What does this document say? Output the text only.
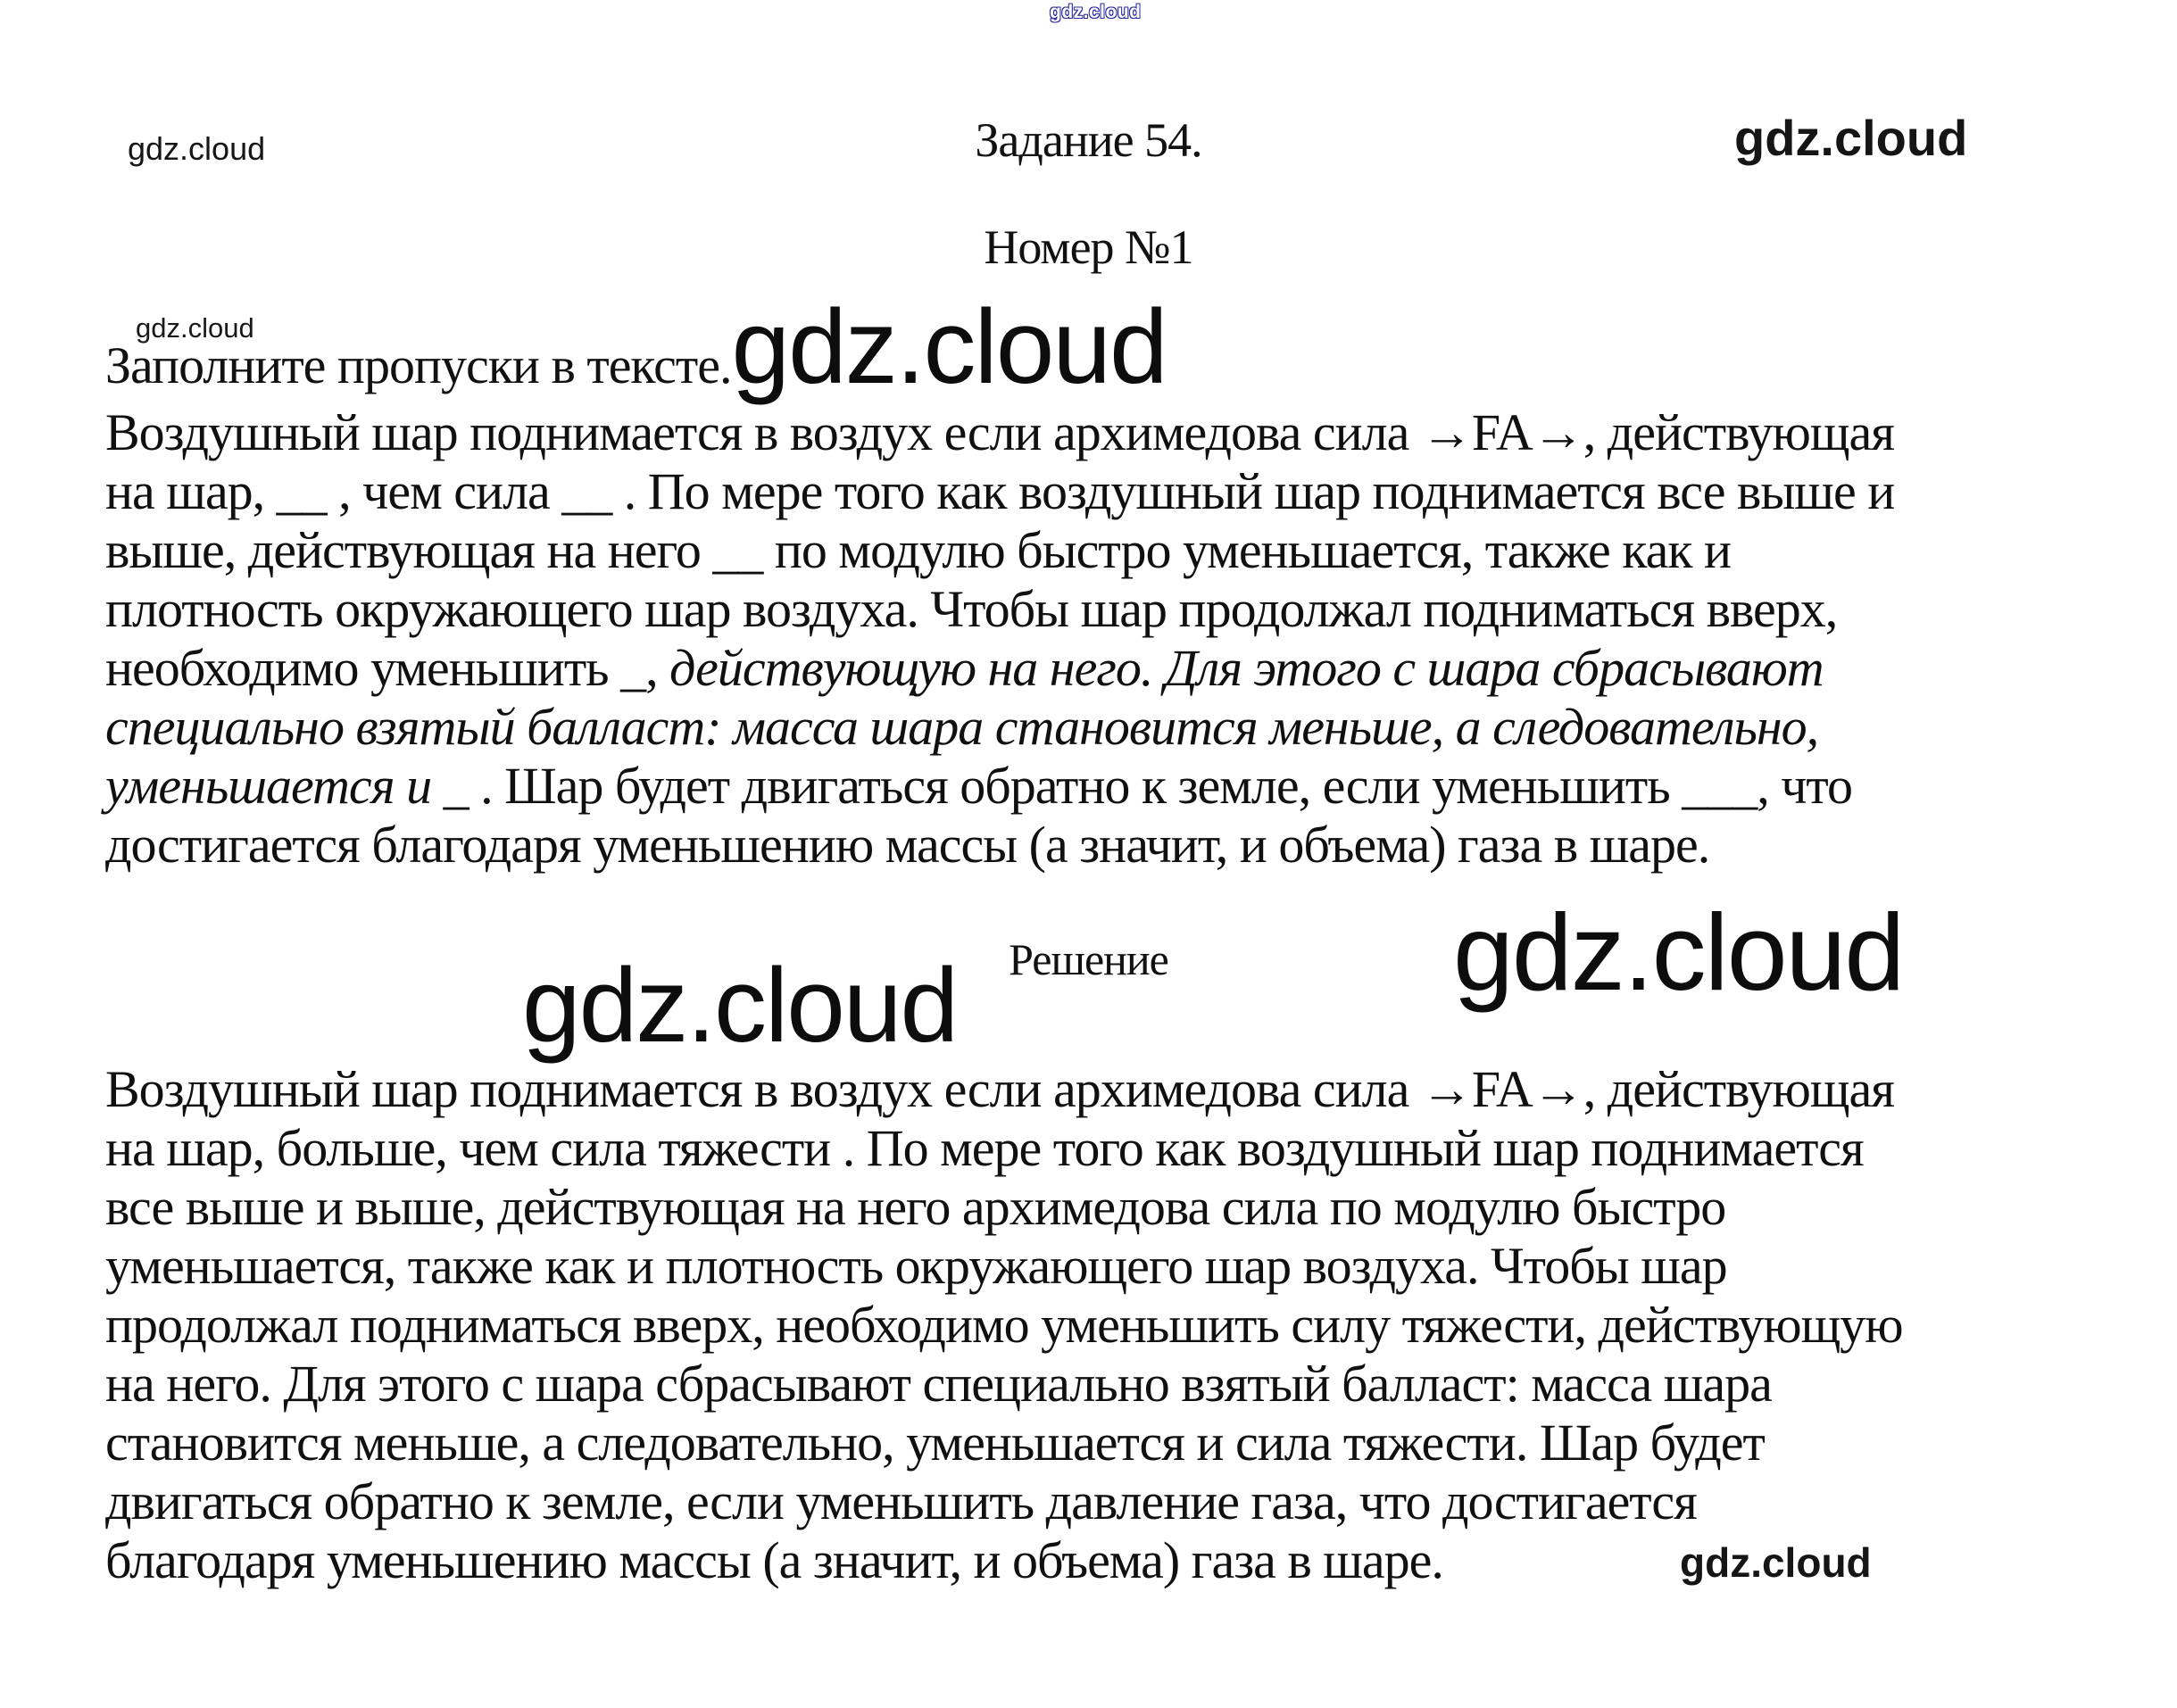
gdz.cloud
gdz.cloud	Задание 54.	gdz.cloud
Номер №1
gdz.cloud
Заполните пропуски в тексте. gdz.cloud
Воздушный шар поднимается в воздух если архимедова сила →FA→, действующая
на шар, __ , чем сила __ . По мере того как воздушный шар поднимается все выше и
выше, действующая на него __ по модулю быстро уменьшается, также как и
плотность окружающего шар воздуха. Чтобы шар продолжал подниматься вверх,
необходимо уменьшить _, действующую на него. Для этого с шара сбрасывают
специально взятый балласт: масса шара становится меньше, а следовательно,
уменьшается и _ . Шар будет двигаться обратно к земле, если уменьшить ___, что
достигается благодаря уменьшению массы (а значит, и объема) газа в шаре.
gdz.cloud	Решение	gdz.cloud
Воздушный шар поднимается в воздух если архимедова сила →FA→, действующая
на шар, больше, чем сила тяжести . По мере того как воздушный шар поднимается
все выше и выше, действующая на него архимедова сила по модулю быстро
уменьшается, также как и плотность окружающего шар воздуха. Чтобы шар
продолжал подниматься вверх, необходимо уменьшить силу тяжести, действующую
на него. Для этого с шара сбрасывают специально взятый балласт: масса шара
становится меньше, а следовательно, уменьшается и сила тяжести. Шар будет
двигаться обратно к земле, если уменьшить давление газа, что достигается
благодаря уменьшению массы (а значит, и объема) газа в шаре.	gdz.cloud
